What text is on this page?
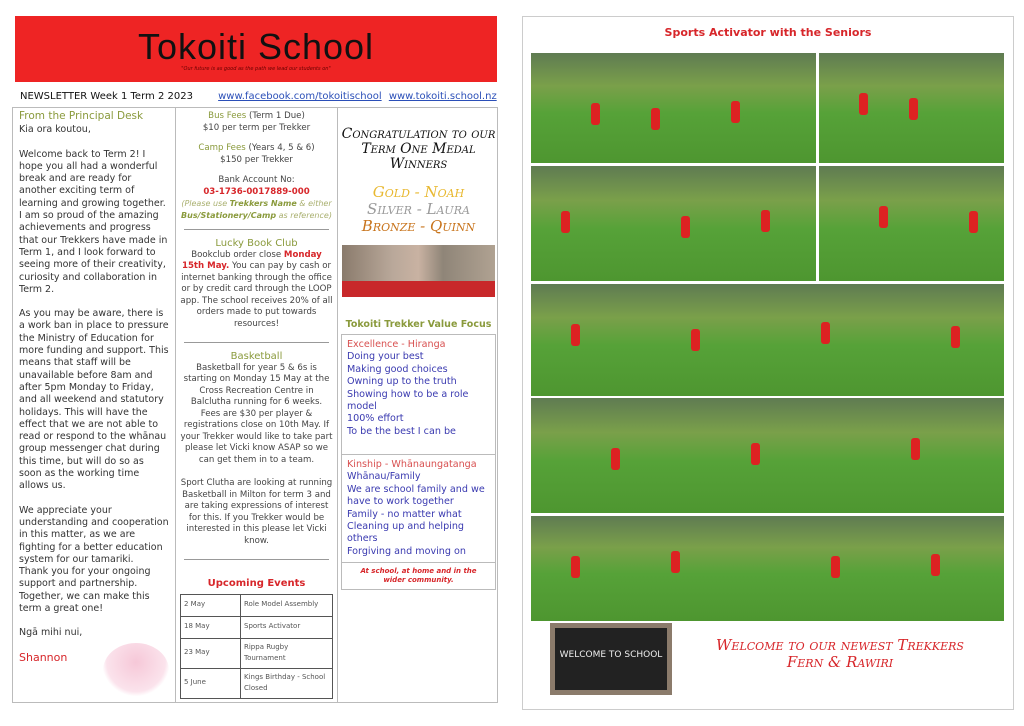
Tokoiti School
"Our future is as good as the path we lead our students on"
NEWSLETTER Week 1 Term 2 2023	www.facebook.com/tokoitischool www.tokoiti.school.nz
From the Principal Desk

Kia ora koutou,

Welcome back to Term 2! I hope you all had a wonderful break and are ready for another exciting term of learning and growing together. I am so proud of the amazing achievements and progress that our Trekkers have made in Term 1, and I look forward to seeing more of their creativity, curiosity and collaboration in Term 2.

As you may be aware, there is a work ban in place to pressure the Ministry of Education for more funding and support. This means that staff will be unavailable before 8am and after 5pm Monday to Friday, and all weekend and statutory holidays. This will have the effect that we are not able to read or respond to the whānau group messenger chat during this time, but will do so as soon as the working time allows us.

We appreciate your understanding and cooperation in this matter, as we are fighting for a better education system for our tamariki.

Thank you for your ongoing support and partnership. Together, we can make this term a great one!

Ngā mihi nui,

Shannon

Bus Fees (Term 1 Due)

$10 per term per Trekker

Camp Fees (Years 4, 5 & 6)

$150 per Trekker

Bank Account No:
03-1736-0017889-000
(Please use Trekkers Name & either Bus/Stationery/Camp as reference)
Lucky Book Club

Bookclub order close Monday 15th May. You can pay by cash or internet banking through the office or by credit card through the LOOP app. The school receives 20% of all orders made to put towards resources!

Basketball

Basketball for year 5 & 6s is starting on Monday 15 May at the Cross Recreation Centre in Balclutha running for 6 weeks. Fees are $30 per player & registrations close on 10th May. If your Trekker would like to take part please let Vicki know ASAP so we can get them in to a team.

Sport Clutha are looking at running Basketball in Milton for term 3 and are taking expressions of interest for this. If you Trekker would be interested in this please let Vicki know.

Upcoming Events
2 May	Role Model Assembly
18 May	Sports Activator
23 May	Rippa Rugby Tournament
5 June	Kings Birthday - School Closed
Congratulation to our Term One Medal Winners
Gold - Noah
Silver - Laura
Bronze - Quinn
Tokoiti Trekker Value Focus
Excellence - Hiranga
Doing your best
Making good choices
Owning up to the truth
Showing how to be a role model
100% effort
To be the best I can be
Kinship - Whānaungatanga
Whānau/Family
We are school family and we have to work together
Family - no matter what
Cleaning up and helping others
Forgiving and moving on
At school, at home and in the wider community.
Sports Activator with the Seniors
WELCOME TO SCHOOL
Welcome to our newest Trekkers
Fern & Rawiri
